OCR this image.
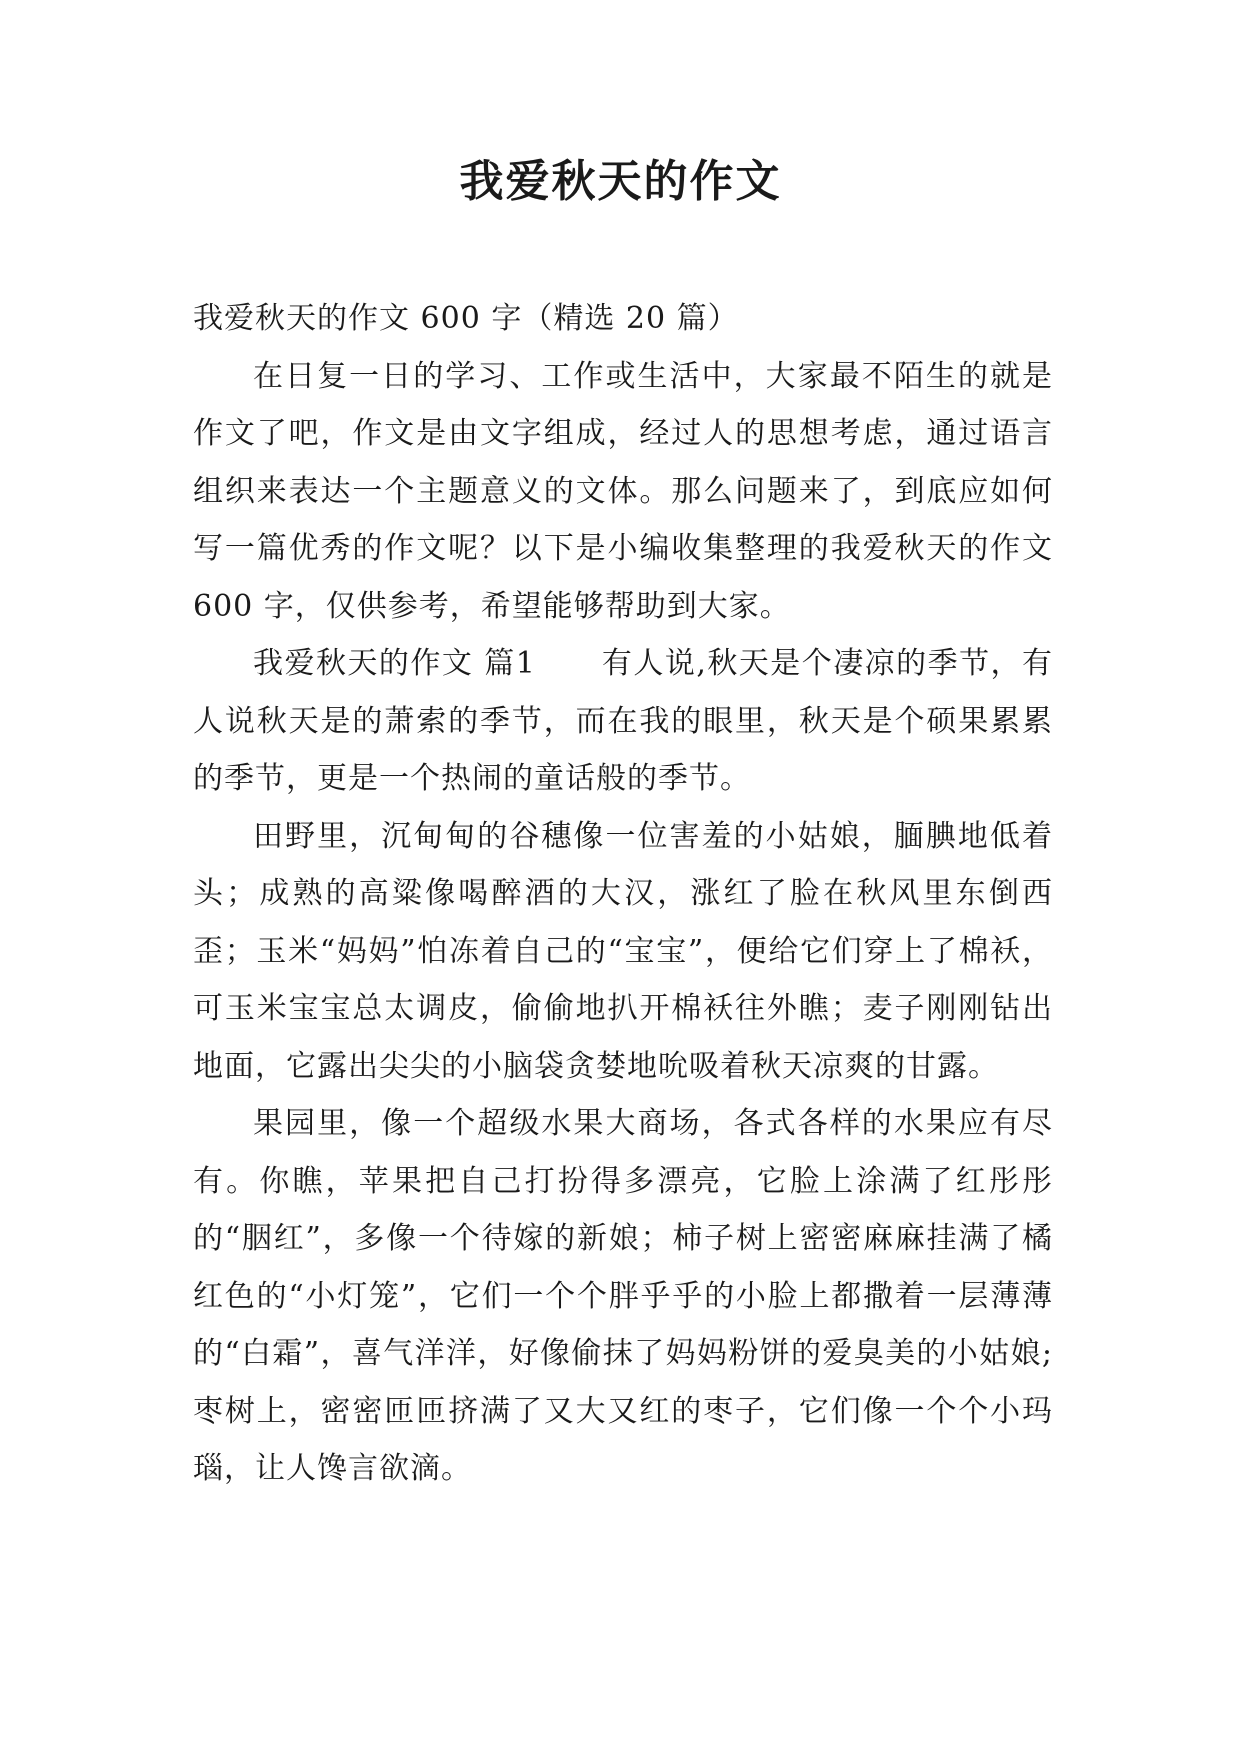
我爱秋天的作文

我爱秋天的作文 600 字（精选 20 篇）

在日复一日的学习、工作或生活中，大家最不陌生的就是作文了吧，作文是由文字组成，经过人的思想考虑，通过语言组织来表达一个主题意义的文体。那么问题来了，到底应如何写一篇优秀的作文呢？以下是小编收集整理的我爱秋天的作文 600 字，仅供参考，希望能够帮助到大家。

我爱秋天的作文 篇1 有人说,秋天是个凄凉的季节，有人说秋天是的萧索的季节，而在我的眼里，秋天是个硕果累累的季节，更是一个热闹的童话般的季节。

田野里，沉甸甸的谷穗像一位害羞的小姑娘，腼腆地低着头；成熟的高粱像喝醉酒的大汉，涨红了脸在秋风里东倒西歪；玉米“妈妈”怕冻着自己的“宝宝”，便给它们穿上了棉袄，可玉米宝宝总太调皮，偷偷地扒开棉袄往外瞧；麦子刚刚钻出地面，它露出尖尖的小脑袋贪婪地吮吸着秋天凉爽的甘露。

果园里，像一个超级水果大商场，各式各样的水果应有尽有。你瞧，苹果把自己打扮得多漂亮，它脸上涂满了红彤彤的“胭红”，多像一个待嫁的新娘；柿子树上密密麻麻挂满了橘红色的“小灯笼”，它们一个个胖乎乎的小脸上都撒着一层薄薄的“白霜”，喜气洋洋，好像偷抹了妈妈粉饼的爱臭美的小姑娘;枣树上，密密匝匝挤满了又大又红的枣子，它们像一个个小玛瑙，让人馋言欲滴。
